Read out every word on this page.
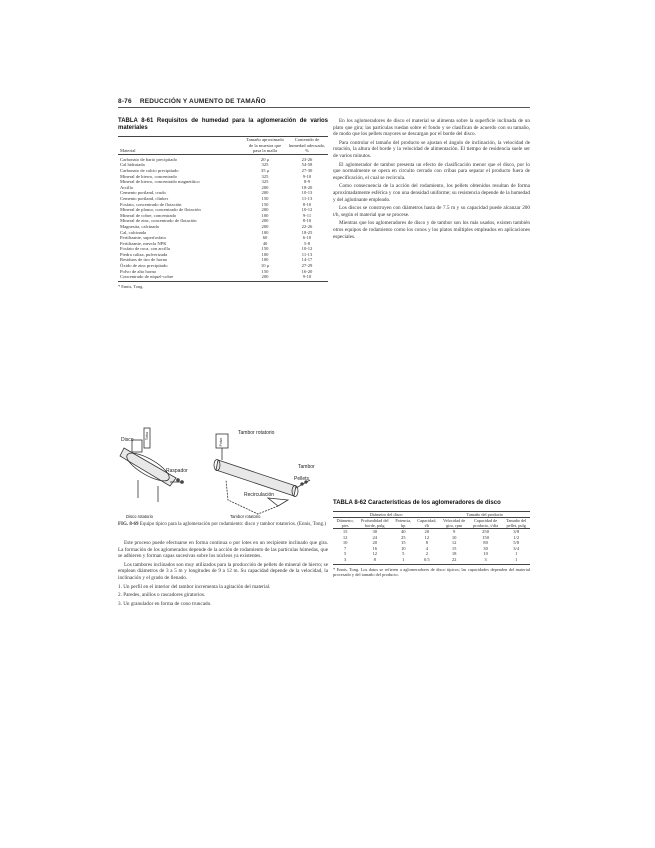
8-76 REDUCCIÓN Y AUMENTO DE TAMAÑO
TABLA 8-61 Requisitos de humedad para la aglomeración de varios materiales
Material	Tamaño aproximado de la muestra que pasa la malla	Contenido de humedad adecuado, %

Carbonato de bario precipitado	20 μ	23-26
Cal hidratada	325	54-58
Carbonato de calcio precipitado	35 μ	27-30
Mineral de hierro, concentrado	325	9-10
Mineral de hierro, concentrado magnetítico	325	8-9
Arcilla	200	18-20
Cemento portland, crudo	200	10-13
Cemento portland, clinker	150	11-13
Fosfato, concentrado de flotación	150	8-10
Mineral de plomo, concentrado de flotación	200	10-12
Mineral de cobre, concentrado	100	9-11
Mineral de zinc, concentrado de flotación	200	8-10
Magnesita, calcinada	200	22-26
Cal, calcinada	100	18-25
Fertilizante, superfosfato	60	6-10
Fertilizante, mezcla NPK	40	5-8
Fosfato de roca, con arcilla	150	10-12
Piedra caliza, pulverizada	100	11-13
Residuos de tiro de horno	100	14-17
Óxido de zinc precipitado	10 μ	27-29
Polvo de alto horno	150	16-20
Concentrado de níquel-cobre	200	9-10
* Ennis, Tong.
Disco	Tolva
Raspador
Polvo
Tambor rotatorio
Tambor
Pellets
Recirculación
Disco rotatorio	Tambor rotatorio
FIG. 8-69 Equipo típico para la aglomeración por rodamiento: disco y tambor rotatorios. (Ennis, Tong.)

Este proceso puede efectuarse en forma continua o por lotes en un recipiente inclinado que gira. La formación de los aglomerados depende de la acción de rodamiento de las partículas húmedas, que se adhieren y forman capas sucesivas sobre los núcleos ya existentes.

Los tambores inclinados son muy utilizados para la producción de pellets de mineral de hierro; se emplean diámetros de 3 a 5 m y longitudes de 9 a 12 m. Su capacidad depende de la velocidad, la inclinación y el grado de llenado.

1. Un perfil en el interior del tambor incrementa la agitación del material.

2. Paredes, anillos o rascadores giratorios.

3. Un granulador en forma de cono truncado.

En los aglomeradores de disco el material se alimenta sobre la superficie inclinada de un plato que gira; las partículas ruedan sobre el fondo y se clasifican de acuerdo con su tamaño, de modo que los pellets mayores se descargan por el borde del disco.

Para controlar el tamaño del producto se ajustan el ángulo de inclinación, la velocidad de rotación, la altura del borde y la velocidad de alimentación. El tiempo de residencia suele ser de varios minutos.

El aglomerador de tambor presenta un efecto de clasificación menor que el disco, por lo que normalmente se opera en circuito cerrado con cribas para separar el producto fuera de especificación, el cual se recircula.

Como consecuencia de la acción del rodamiento, los pellets obtenidos resultan de forma aproximadamente esférica y con una densidad uniforme; su resistencia depende de la humedad y del aglutinante empleado.

Los discos se construyen con diámetros hasta de 7.5 m y su capacidad puede alcanzar 200 t/h, según el material que se procese.

Mientras que los aglomeradores de disco y de tambor son los más usados, existen también otros equipos de rodamiento como los conos y los platos múltiples empleados en aplicaciones especiales.

TABLA 8-62 Características de los aglomeradores de disco
Diámetro del disco				Tamaño del producto		
Diámetro, pies	Profundidad del borde, pulg	Potencia, hp	Capacidad, t/h	Velocidad de giro, rpm	Capacidad de producto, t/día	Tamaño del pellet, pulg
15	30	40	20	9	250	3/8
12	24	25	12	10	150	1/2
10	20	15	8	12	80	5/8
7	16	10	4	15	30	3/4
5	12	5	2	18	10	1
3	8	1	0.5	22	3	1
* Ennis, Tong. Los datos se refieren a aglomeradores de disco típicos; las capacidades dependen del material procesado y del tamaño del producto.
